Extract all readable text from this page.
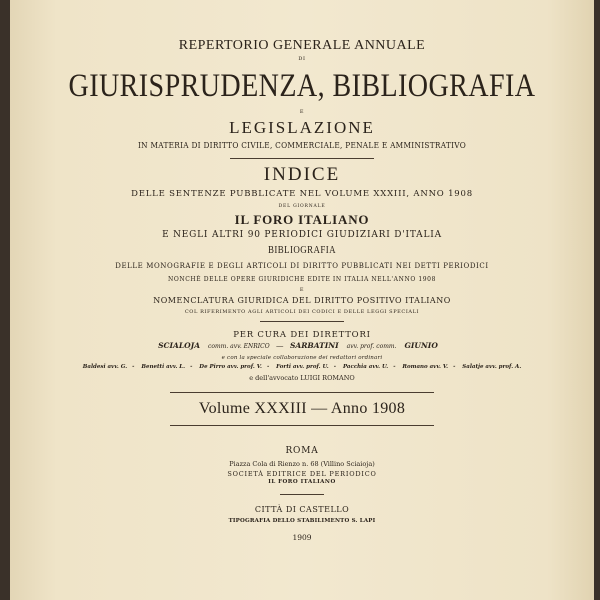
REPERTORIO GENERALE ANNUALE
DI
GIURISPRUDENZA, BIBLIOGRAFIA
E
LEGISLAZIONE
IN MATERIA DI DIRITTO CIVILE, COMMERCIALE, PENALE E AMMINISTRATIVO
INDICE
DELLE SENTENZE PUBBLICATE NEL VOLUME XXXIII, ANNO 1908
DEL GIORNALE
IL FORO ITALIANO
E NEGLI ALTRI 90 PERIODICI GIUDIZIARI D'ITALIA
BIBLIOGRAFIA
DELLE MONOGRAFIE E DEGLI ARTICOLI DI DIRITTO PUBBLICATI NEI DETTI PERIODICI
NONCHÈ DELLE OPERE GIURIDICHE EDITE IN ITALIA NELL'ANNO 1908
E
NOMENCLATURA GIURIDICA DEL DIRITTO POSITIVO ITALIANO
COL RIFERIMENTO AGLI ARTICOLI DEI CODICI E DELLE LEGGI SPECIALI
PER CURA DEI DIRETTORI
SCIALOJA comm. avv. ENRICO — SARBATINI avv. prof. comm. GIUNIO
e con la speciale collaborazione dei redattori ordinari
Baldesi avv. G. - Benetti avv. L. - De Pirro avv. prof. V. - Forti avv. prof. U. - Pacchia avv. U. - Romano avv. V. - Salatje avv. prof. A.
e dell'avvocato LUIGI ROMANO
Volume XXXIII — Anno 1908
ROMA
Piazza Cola di Rienzo n. 68 (Villino Sciaioja)
SOCIETÀ EDITRICE DEL PERIODICO
IL FORO ITALIANO
CITTÀ DI CASTELLO
TIPOGRAFIA DELLO STABILIMENTO S. LAPI
1909
